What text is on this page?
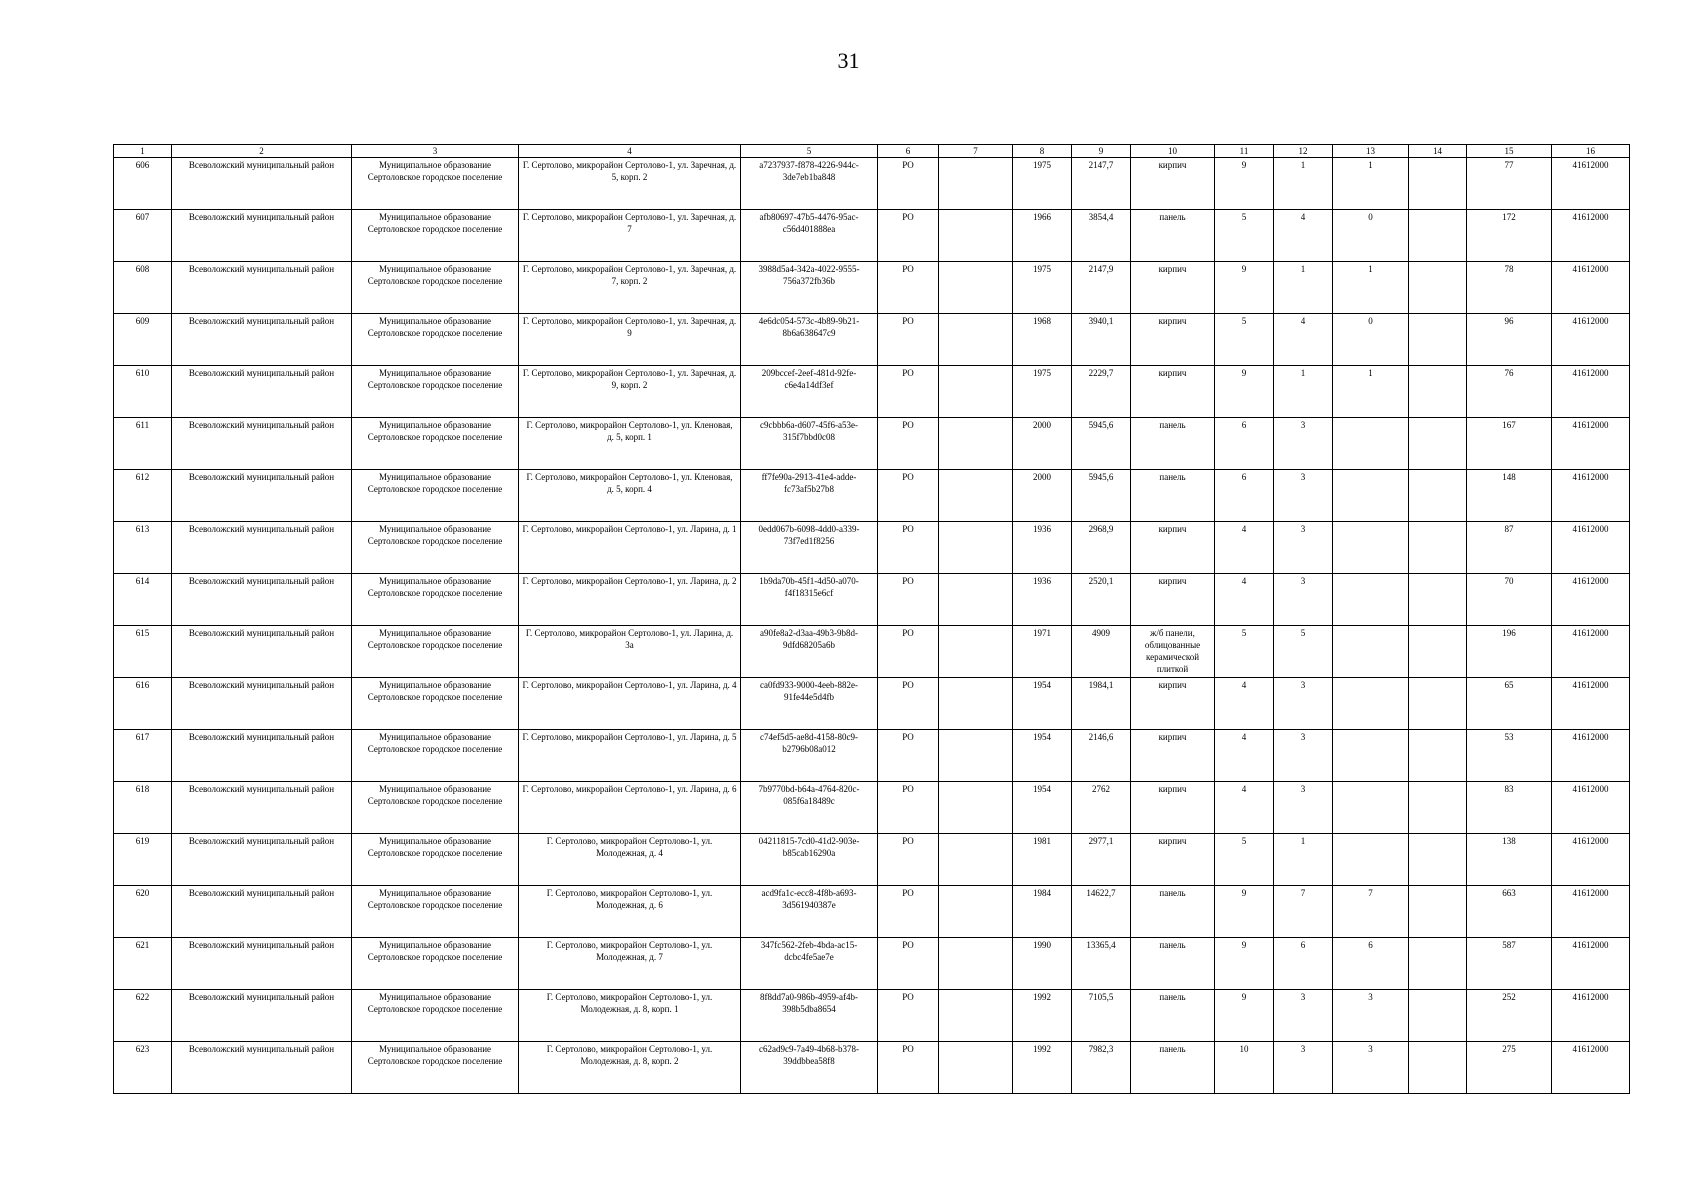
31
1	2	3	4	5	6	7	8	9	10	11	12	13	14	15	16
606	Всеволожский муниципальный район	Муниципальное образование Сертоловское городское поселение	Г. Сертолово, микрорайон Сертолово-1, ул. Заречная, д. 5, корп. 2	a7237937-f878-4226-944c-3de7eb1ba848	РО		1975	2147,7	кирпич	9	1	1		77	41612000
607	Всеволожский муниципальный район	Муниципальное образование Сертоловское городское поселение	Г. Сертолово, микрорайон Сертолово-1, ул. Заречная, д. 7	afb80697-47b5-4476-95ac-c56d401888ea	РО		1966	3854,4	панель	5	4	0		172	41612000
608	Всеволожский муниципальный район	Муниципальное образование Сертоловское городское поселение	Г. Сертолово, микрорайон Сертолово-1, ул. Заречная, д. 7, корп. 2	3988d5a4-342a-4022-9555-756a372fb36b	РО		1975	2147,9	кирпич	9	1	1		78	41612000
609	Всеволожский муниципальный район	Муниципальное образование Сертоловское городское поселение	Г. Сертолово, микрорайон Сертолово-1, ул. Заречная, д. 9	4e6dc054-573c-4b89-9b21-8b6a638647c9	РО		1968	3940,1	кирпич	5	4	0		96	41612000
610	Всеволожский муниципальный район	Муниципальное образование Сертоловское городское поселение	Г. Сертолово, микрорайон Сертолово-1, ул. Заречная, д. 9, корп. 2	209bccef-2eef-481d-92fe-c6e4a14df3ef	РО		1975	2229,7	кирпич	9	1	1		76	41612000
611	Всеволожский муниципальный район	Муниципальное образование Сертоловское городское поселение	Г. Сертолово, микрорайон Сертолово-1, ул. Кленовая, д. 5, корп. 1	c9cbbb6a-d607-45f6-a53e-315f7bbd0c08	РО		2000	5945,6	панель	6	3			167	41612000
612	Всеволожский муниципальный район	Муниципальное образование Сертоловское городское поселение	Г. Сертолово, микрорайон Сертолово-1, ул. Кленовая, д. 5, корп. 4	ff7fe90a-2913-41e4-adde-fc73af5b27b8	РО		2000	5945,6	панель	6	3			148	41612000
613	Всеволожский муниципальный район	Муниципальное образование Сертоловское городское поселение	Г. Сертолово, микрорайон Сертолово-1, ул. Ларина, д. 1	0edd067b-6098-4dd0-a339-73f7ed1f8256	РО		1936	2968,9	кирпич	4	3			87	41612000
614	Всеволожский муниципальный район	Муниципальное образование Сертоловское городское поселение	Г. Сертолово, микрорайон Сертолово-1, ул. Ларина, д. 2	1b9da70b-45f1-4d50-a070-f4f18315e6cf	РО		1936	2520,1	кирпич	4	3			70	41612000
615	Всеволожский муниципальный район	Муниципальное образование Сертоловское городское поселение	Г. Сертолово, микрорайон Сертолово-1, ул. Ларина, д. 3а	a90fe8a2-d3aa-49b3-9b8d-9dfd68205a6b	РО		1971	4909	ж/б панели, облицованные керамической плиткой	5	5			196	41612000
616	Всеволожский муниципальный район	Муниципальное образование Сертоловское городское поселение	Г. Сертолово, микрорайон Сертолово-1, ул. Ларина, д. 4	ca0fd933-9000-4eeb-882e-91fe44e5d4fb	РО		1954	1984,1	кирпич	4	3			65	41612000
617	Всеволожский муниципальный район	Муниципальное образование Сертоловское городское поселение	Г. Сертолово, микрорайон Сертолово-1, ул. Ларина, д. 5	c74ef5d5-ae8d-4158-80c9-b2796b08a012	РО		1954	2146,6	кирпич	4	3			53	41612000
618	Всеволожский муниципальный район	Муниципальное образование Сертоловское городское поселение	Г. Сертолово, микрорайон Сертолово-1, ул. Ларина, д. 6	7b9770bd-b64a-4764-820c-085f6a18489c	РО		1954	2762	кирпич	4	3			83	41612000
619	Всеволожский муниципальный район	Муниципальное образование Сертоловское городское поселение	Г. Сертолово, микрорайон Сертолово-1, ул. Молодежная, д. 4	04211815-7cd0-41d2-903e-b85cab16290a	РО		1981	2977,1	кирпич	5	1			138	41612000
620	Всеволожский муниципальный район	Муниципальное образование Сертоловское городское поселение	Г. Сертолово, микрорайон Сертолово-1, ул. Молодежная, д. 6	acd9fa1c-ecc8-4f8b-a693-3d561940387e	РО		1984	14622,7	панель	9	7	7		663	41612000
621	Всеволожский муниципальный район	Муниципальное образование Сертоловское городское поселение	Г. Сертолово, микрорайон Сертолово-1, ул. Молодежная, д. 7	347fc562-2feb-4bda-ac15-dcbc4fe5ae7e	РО		1990	13365,4	панель	9	6	6		587	41612000
622	Всеволожский муниципальный район	Муниципальное образование Сертоловское городское поселение	Г. Сертолово, микрорайон Сертолово-1, ул. Молодежная, д. 8, корп. 1	8f8dd7a0-986b-4959-af4b-398b5dba8654	РО		1992	7105,5	панель	9	3	3		252	41612000
623	Всеволожский муниципальный район	Муниципальное образование Сертоловское городское поселение	Г. Сертолово, микрорайон Сертолово-1, ул. Молодежная, д. 8, корп. 2	c62ad9c9-7a49-4b68-b378-39ddbbea58f8	РО		1992	7982,3	панель	10	3	3		275	41612000
